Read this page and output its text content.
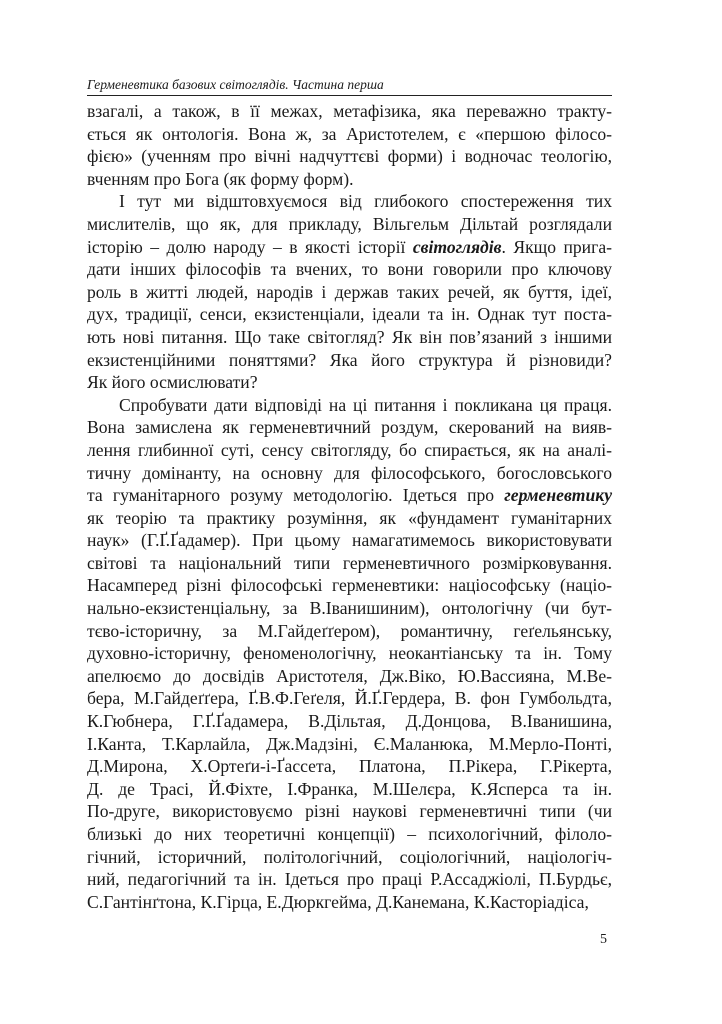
Герменевтика базових світоглядів. Частина перша
взагалі, а також, в її межах, метафізика, яка переважно тракту-
ється як онтологія. Вона ж, за Аристотелем, є «першою філосо-
фією» (ученням про вічні надчуттєві форми) і водночас теологію,
вченням про Бога (як форму форм).
І тут ми відштовхуємося від глибокого спостереження тих
мислителів, що як, для прикладу, Вільгельм Дільтай розглядали
історію – долю народу – в якості історії світоглядів. Якщо прига-
дати інших філософів та вчених, то вони говорили про ключову
роль в житті людей, народів і держав таких речей, як буття, ідеї,
дух, традиції, сенси, екзистенціали, ідеали та ін. Однак тут поста-
ють нові питання. Що таке світогляд? Як він пов’язаний з іншими
екзистенційними поняттями? Яка його структура й різновиди?
Як його осмислювати?
Спробувати дати відповіді на ці питання і покликана ця праця.
Вона замислена як герменевтичний роздум, скерований на вияв-
лення глибинної суті, сенсу світогляду, бо спирається, як на аналі-
тичну домінанту, на основну для філософського, богословського
та гуманітарного розуму методологію. Ідеться про герменевтику
як теорію та практику розуміння, як «фундамент гуманітарних
наук» (Г.Ґ.Ґадамер). При цьому намагатимемось використовувати
світові та національний типи герменевтичного розмірковування.
Насамперед різні філософські герменевтики: націософську (націо-
нально-екзистенціальну, за В.Іванишиним), онтологічну (чи бут-
тєво-історичну, за М.Гайдеґґером), романтичну, геґельянську,
духовно-історичну, феноменологічну, неокантіанську та ін. Тому
апелюємо до досвідів Аристотеля, Дж.Віко, Ю.Вассияна, М.Ве-
бера, М.Гайдеґґера, Ґ.В.Ф.Геґеля, Й.Ґ.Гердера, В. фон Гумбольдта,
К.Гюбнера, Г.Ґ.Ґадамера, В.Дільтая, Д.Донцова, В.Іванишина,
І.Канта, Т.Карлайла, Дж.Мадзіні, Є.Маланюка, М.Мерло-Понті,
Д.Мирона, Х.Ортеґи-і-Ґассета, Платона, П.Рікера, Г.Рікерта,
Д. де Трасі, Й.Фіхте, І.Франка, М.Шелєра, К.Ясперса та ін.
По-друге, використовуємо різні наукові герменевтичні типи (чи
близькі до них теоретичні концепції) – психологічний, філоло-
гічний, історичний, політологічний, соціологічний, націологіч-
ний, педагогічний та ін. Ідеться про праці Р.Ассаджіолі, П.Бурдьє,
С.Гантінґтона, К.Гірца, Е.Дюркгейма, Д.Канемана, К.Касторіадіса,
5
